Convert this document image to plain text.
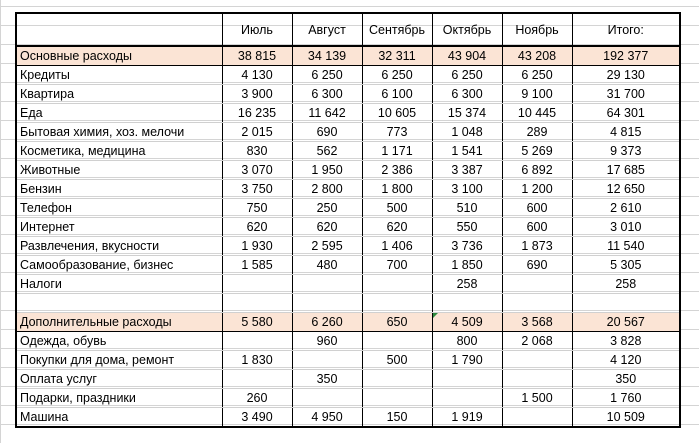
	Июль	Август	Сентябрь	Октябрь	Ноябрь	Итого:
Основные расходы	38 815	34 139	32 311	43 904	43 208	192 377
Кредиты	4 130	6 250	6 250	6 250	6 250	29 130
Квартира	3 900	6 300	6 100	6 300	9 100	31 700
Еда	16 235	11 642	10 605	15 374	10 445	64 301
Бытовая химия, хоз. мелочи	2 015	690	773	1 048	289	4 815
Косметика, медицина	830	562	1 171	1 541	5 269	9 373
Животные	3 070	1 950	2 386	3 387	6 892	17 685
Бензин	3 750	2 800	1 800	3 100	1 200	12 650
Телефон	750	250	500	510	600	2 610
Интернет	620	620	620	550	600	3 010
Развлечения, вкусности	1 930	2 595	1 406	3 736	1 873	11 540
Самообразование, бизнес	1 585	480	700	1 850	690	5 305
Налоги				258		258

Дополнительные расходы	5 580	6 260	650	4 509	3 568	20 567
Одежда, обувь		960		800	2 068	3 828
Покупки для дома, ремонт	1 830		500	1 790		4 120
Оплата услуг		350				350
Подарки, праздники	260				1 500	1 760
Машина	3 490	4 950	150	1 919		10 509
